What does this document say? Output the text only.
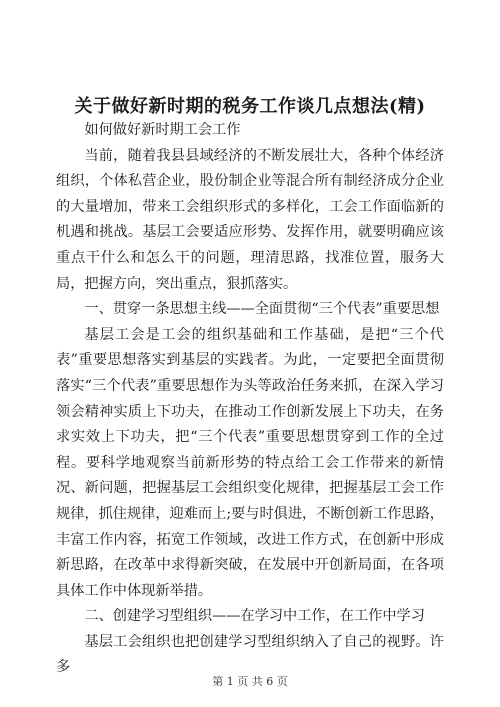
关于做好新时期的税务工作谈几点想法(精)

如何做好新时期工会工作

当前，随着我县县域经济的不断发展壮大，各种个体经济组织，个体私营企业，股份制企业等混合所有制经济成分企业的大量增加，带来工会组织形式的多样化，工会工作面临新的机遇和挑战。基层工会要适应形势、发挥作用，就要明确应该重点干什么和怎么干的问题，理清思路，找准位置，服务大局，把握方向，突出重点，狠抓落实。

一、贯穿一条思想主线——全面贯彻“三个代表”重要思想

基层工会是工会的组织基础和工作基础，是把“三个代表”重要思想落实到基层的实践者。为此，一定要把全面贯彻落实“三个代表”重要思想作为头等政治任务来抓，在深入学习领会精神实质上下功夫，在推动工作创新发展上下功夫，在务求实效上下功夫，把“三个代表”重要思想贯穿到工作的全过程。要科学地观察当前新形势的特点给工会工作带来的新情况、新问题，把握基层工会组织变化规律，把握基层工会工作规律，抓住规律，迎难而上;要与时俱进，不断创新工作思路，丰富工作内容，拓宽工作领域，改进工作方式，在创新中形成新思路，在改革中求得新突破，在发展中开创新局面，在各项具体工作中体现新举措。

二、创建学习型组织——在学习中工作，在工作中学习

基层工会组织也把创建学习型组织纳入了自己的视野。许多

第 1 页 共 6 页
